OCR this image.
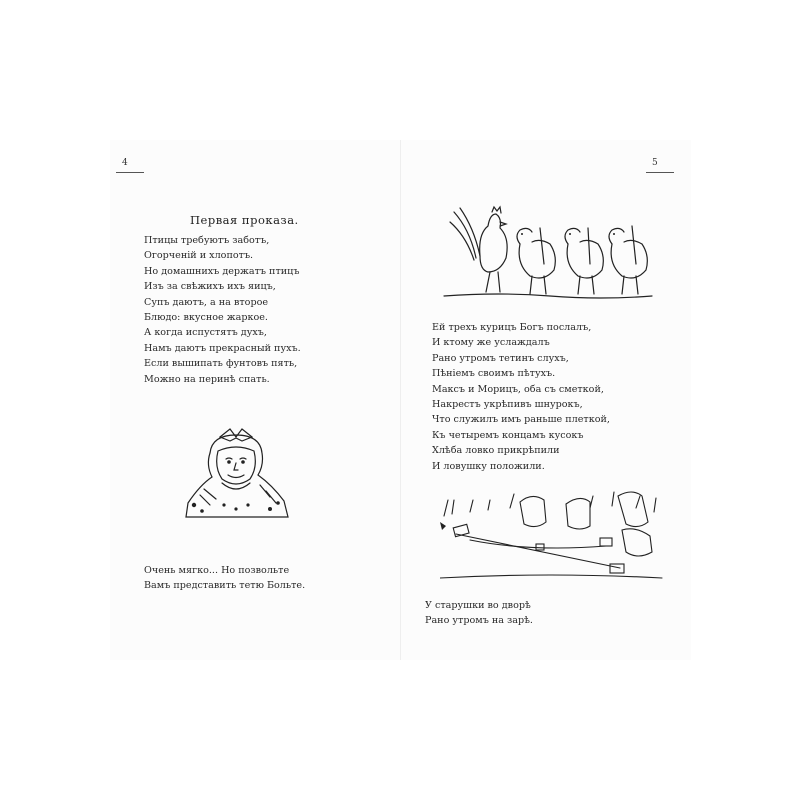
4
Первая проказа.
Птицы требуютъ заботъ,
Огорченій и хлопотъ.
Но домашнихъ держатъ птицъ
Изъ за свѣжихъ ихъ яицъ,
Супъ даютъ, а на второе
Блюдо: вкусное жаркое.
А когда испустятъ духъ,
Намъ даютъ прекрасный пухъ.
Если вышипать фунтовъ пять,
Можно на перинѣ спать.
Очень мягко... Но позвольте
Вамъ представить тетю Больте.
5
Ей трехъ курицъ Богъ послалъ,
И ктому же услаждалъ
Рано утромъ тетинъ слухъ,
Пѣніемъ своимъ пѣтухъ.
Максъ и Морицъ, оба съ сметкой,
Накрестъ укрѣпивъ шнурокъ,
Что служилъ имъ раньше плеткой,
Къ четыремъ концамъ кусокъ
Хлѣба ловко прикрѣпили
И ловушку положили.
У старушки во дворѣ
Рано утромъ на зарѣ.
